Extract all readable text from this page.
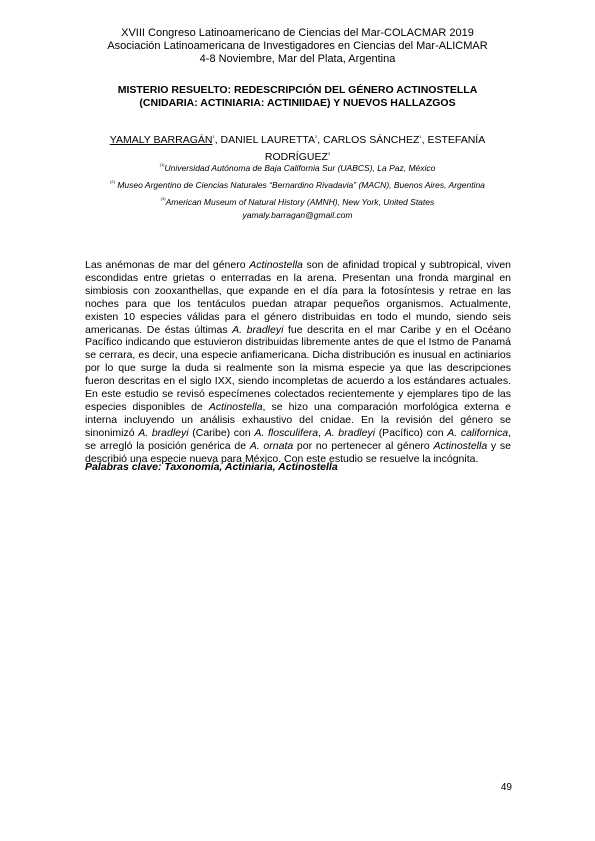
XVIII Congreso Latinoamericano de Ciencias del Mar-COLACMAR 2019
Asociación Latinoamericana de Investigadores en Ciencias del Mar-ALICMAR
4-8 Noviembre, Mar del Plata, Argentina
MISTERIO RESUELTO: REDESCRIPCIÓN DEL GÉNERO ACTINOSTELLA
(CNIDARIA: ACTINIARIA: ACTINIIDAE) Y NUEVOS HALLAZGOS
YAMALY BARRAGÁN$^1$, DANIEL LAURETTA$^2$, CARLOS SÁNCHEZ$^1$, ESTEFANÍA
RODRÍGUEZ$^3$
$^{(1)}$Universidad Autónoma de Baja California Sur (UABCS), La Paz, México
$^{(2)}$ Museo Argentino de Ciencias Naturales “Bernardino Rivadavia” (MACN), Buenos Aires, Argentina
$^{(3)}$American Museum of Natural History (AMNH), New York, United States
yamaly.barragan@gmail.com
Las anémonas de mar del género Actinostella son de afinidad tropical y subtropical, viven escondidas entre grietas o enterradas en la arena. Presentan una fronda marginal en simbiosis con zooxanthellas, que expande en el día para la fotosíntesis y retrae en las noches para que los tentáculos puedan atrapar pequeños organismos. Actualmente, existen 10 especies válidas para el género distribuidas en todo el mundo, siendo seis americanas. De éstas últimas A. bradleyi fue descrita en el mar Caribe y en el Océano Pacífico indicando que estuvieron distribuidas libremente antes de que el Istmo de Panamá se cerrara, es decir, una especie anfiamericana. Dicha distribución es inusual en actiniarios por lo que surge la duda si realmente son la misma especie ya que las descripciones fueron descritas en el siglo IXX, siendo incompletas de acuerdo a los estándares actuales. En este estudio se revisó especímenes colectados recientemente y ejemplares tipo de las especies disponibles de Actinostella, se hizo una comparación morfológica externa e interna incluyendo un análisis exhaustivo del cnidae. En la revisión del género se sinonimizó A. bradleyi (Caribe) con A. flosculifera, A. bradleyi (Pacífico) con A. californica, se arregló la posición genérica de A. ornata por no pertenecer al género Actinostella y se describió una especie nueva para México. Con este estudio se resuelve la incógnita.
Palabras clave: Taxonomía, Actiniaria, Actinostella
49
